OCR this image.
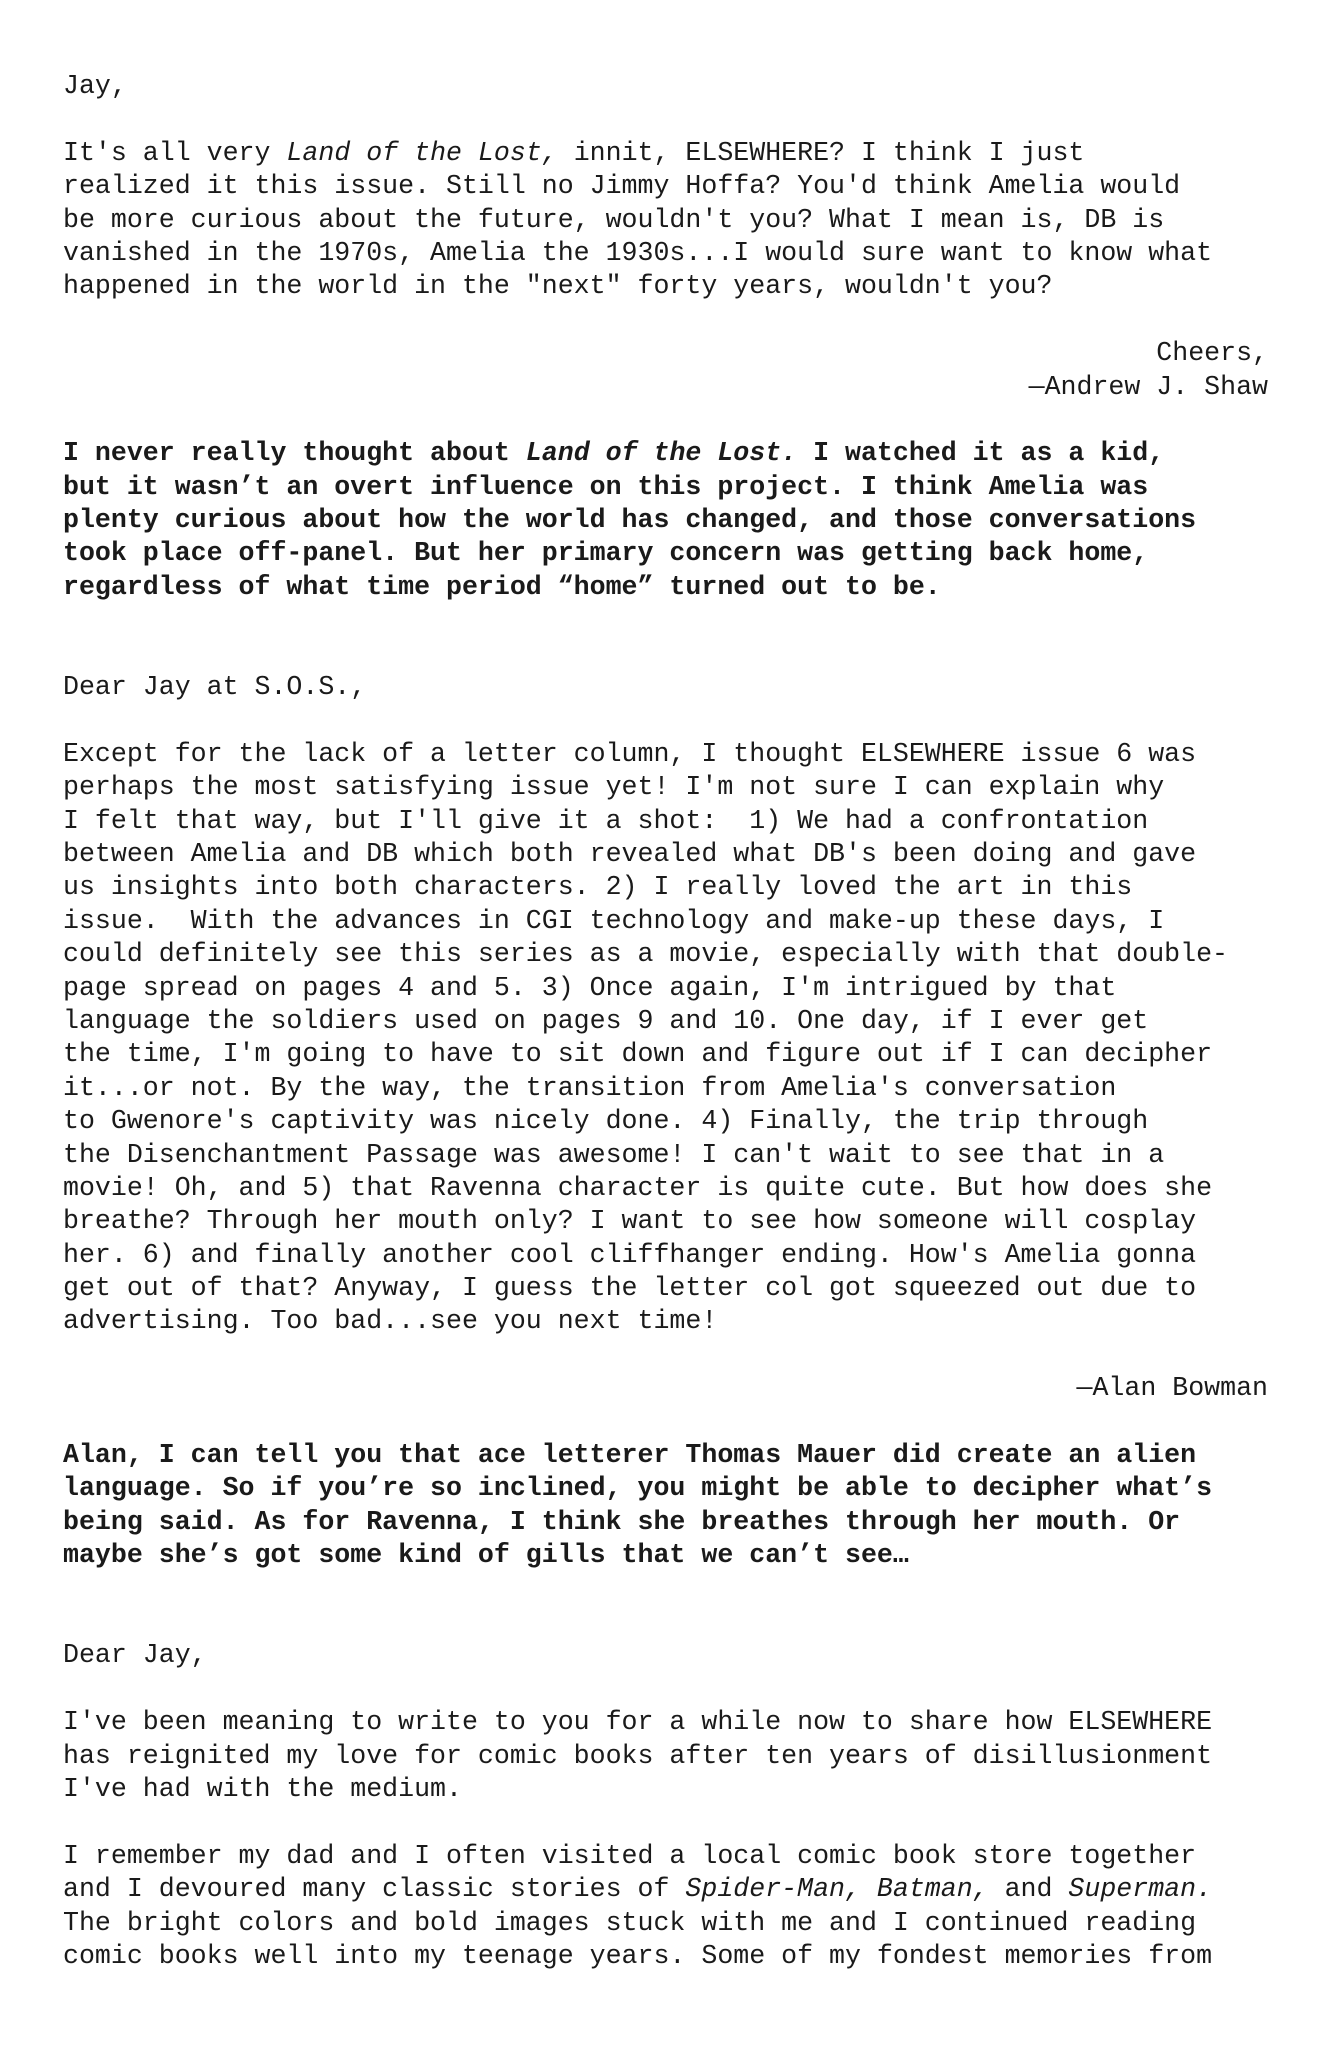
Jay,
It's all very Land of the Lost, innit, ELSEWHERE? I think I just
realized it this issue. Still no Jimmy Hoffa? You'd think Amelia would
be more curious about the future, wouldn't you? What I mean is, DB is
vanished in the 1970s, Amelia the 1930s...I would sure want to know what
happened in the world in the "next" forty years, wouldn't you?
Cheers,
—Andrew J. Shaw
I never really thought about Land of the Lost. I watched it as a kid,
but it wasn’t an overt influence on this project. I think Amelia was
plenty curious about how the world has changed, and those conversations
took place off-panel. But her primary concern was getting back home,
regardless of what time period “home” turned out to be.
Dear Jay at S.O.S.,
Except for the lack of a letter column, I thought ELSEWHERE issue 6 was
perhaps the most satisfying issue yet! I'm not sure I can explain why
I felt that way, but I'll give it a shot:  1) We had a confrontation
between Amelia and DB which both revealed what DB's been doing and gave
us insights into both characters. 2) I really loved the art in this
issue.  With the advances in CGI technology and make-up these days, I
could definitely see this series as a movie, especially with that double-
page spread on pages 4 and 5. 3) Once again, I'm intrigued by that
language the soldiers used on pages 9 and 10. One day, if I ever get
the time, I'm going to have to sit down and figure out if I can decipher
it...or not. By the way, the transition from Amelia's conversation
to Gwenore's captivity was nicely done. 4) Finally, the trip through
the Disenchantment Passage was awesome! I can't wait to see that in a
movie! Oh, and 5) that Ravenna character is quite cute. But how does she
breathe? Through her mouth only? I want to see how someone will cosplay
her. 6) and finally another cool cliffhanger ending. How's Amelia gonna
get out of that? Anyway, I guess the letter col got squeezed out due to
advertising. Too bad...see you next time!
—Alan Bowman
Alan, I can tell you that ace letterer Thomas Mauer did create an alien
language. So if you’re so inclined, you might be able to decipher what’s
being said. As for Ravenna, I think she breathes through her mouth. Or
maybe she’s got some kind of gills that we can’t see…
Dear Jay,
I've been meaning to write to you for a while now to share how ELSEWHERE
has reignited my love for comic books after ten years of disillusionment
I've had with the medium.
I remember my dad and I often visited a local comic book store together
and I devoured many classic stories of Spider-Man, Batman, and Superman.
The bright colors and bold images stuck with me and I continued reading
comic books well into my teenage years. Some of my fondest memories from
